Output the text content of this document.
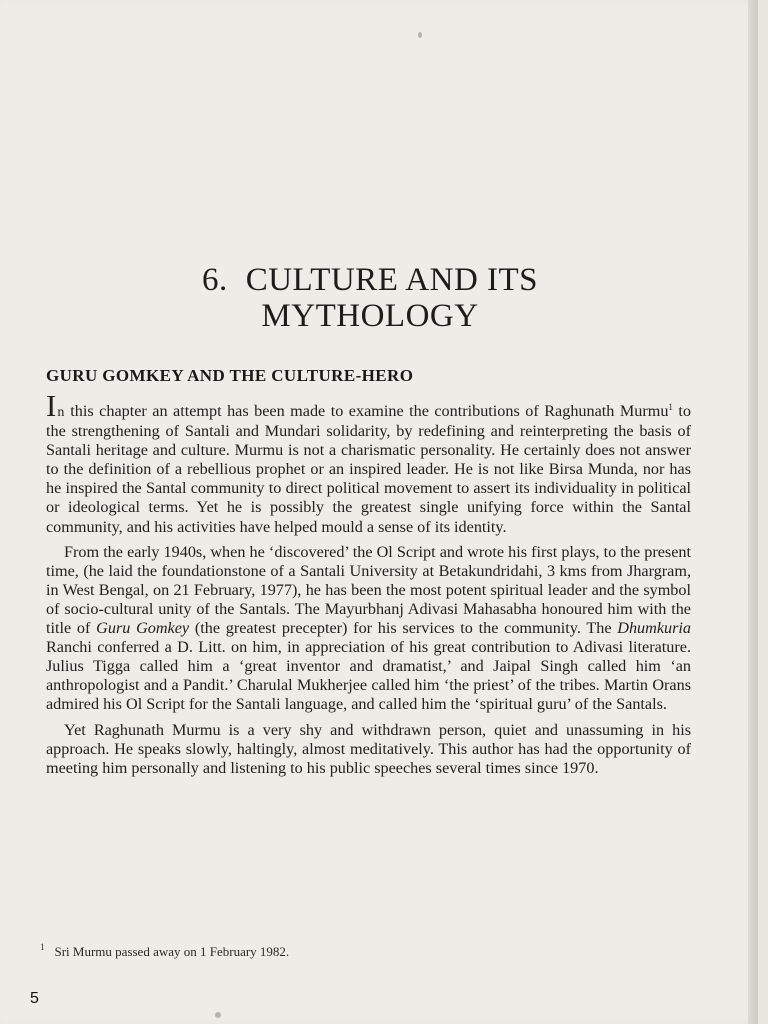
6. CULTURE AND ITS
MYTHOLOGY
GURU GOMKEY AND THE CULTURE-HERO

In this chapter an attempt has been made to examine the contributions of Raghunath Murmu$^1$ to the strengthening of Santali and Mundari solidarity, by redefining and reinterpreting the basis of Santali heritage and culture. Murmu is not a charismatic personality. He certainly does not answer to the definition of a rebellious prophet or an inspired leader. He is not like Birsa Munda, nor has he inspired the Santal community to direct political movement to assert its individuality in political or ideological terms. Yet he is possibly the greatest single unifying force within the Santal community, and his activities have helped mould a sense of its identity.

From the early 1940s, when he ‘discovered’ the Ol Script and wrote his first plays, to the present time, (he laid the foundationstone of a Santali University at Betakundridahi, 3 kms from Jhargram, in West Bengal, on 21 February, 1977), he has been the most potent spiritual leader and the symbol of socio-cultural unity of the Santals. The Mayurbhanj Adivasi Mahasabha honoured him with the title of Guru Gomkey (the greatest precepter) for his services to the community. The Dhumkuria Ranchi conferred a D. Litt. on him, in appreciation of his great contribution to Adivasi literature. Julius Tigga called him a ‘great inventor and dramatist,’ and Jaipal Singh called him ‘an anthropologist and a Pandit.’ Charulal Mukherjee called him ‘the priest’ of the tribes. Martin Orans admired his Ol Script for the Santali language, and called him the ‘spiritual guru’ of the Santals.

Yet Raghunath Murmu is a very shy and withdrawn person, quiet and unassuming in his approach. He speaks slowly, haltingly, almost meditatively. This author has had the opportunity of meeting him personally and listening to his public speeches several times since 1970.

$^1$ Sri Murmu passed away on 1 February 1982.
5
